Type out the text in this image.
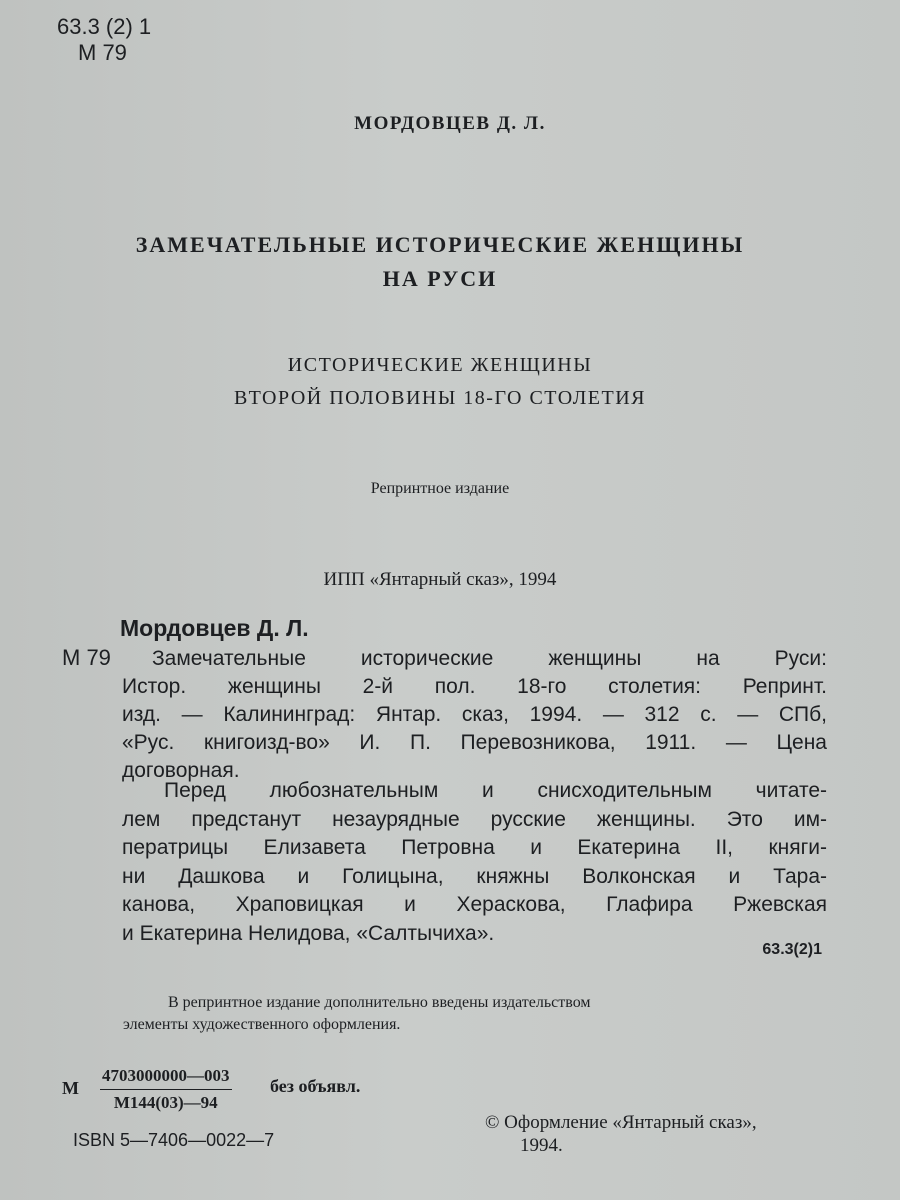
63.3 (2) 1
М 79
МОРДОВЦЕВ Д. Л.
ЗАМЕЧАТЕЛЬНЫЕ ИСТОРИЧЕСКИЕ ЖЕНЩИНЫ
НА РУСИ
ИСТОРИЧЕСКИЕ ЖЕНЩИНЫ
ВТОРОЙ ПОЛОВИНЫ 18-ГО СТОЛЕТИЯ
Репринтное издание
ИПП «Янтарный сказ», 1994
Мордовцев Д. Л.
М 79	Замечательные исторические женщины на Руси:
Истор. женщины 2-й пол. 18-го столетия: Репринт.
изд. — Калининград: Янтар. сказ, 1994. — 312 с. — СПб,
«Рус. книгоизд-во» И. П. Перевозникова, 1911. — Цена
договорная.
Перед любознательным и снисходительным читате-
лем предстанут незаурядные русские женщины. Это им-
ператрицы Елизавета Петровна и Екатерина II, княги-
ни Дашкова и Голицына, княжны Волконская и Тара-
канова, Храповицкая и Хераскова, Глафира Ржевская
и Екатерина Нелидова, «Салтычиха».
63.3(2)1
В репринтное издание дополнительно введены издательством
элементы художественного оформления.
М
4703000000—003
М144(03)—94
без объявл.
ISBN 5—7406—0022—7
© Оформление «Янтарный сказ»,
1994.
